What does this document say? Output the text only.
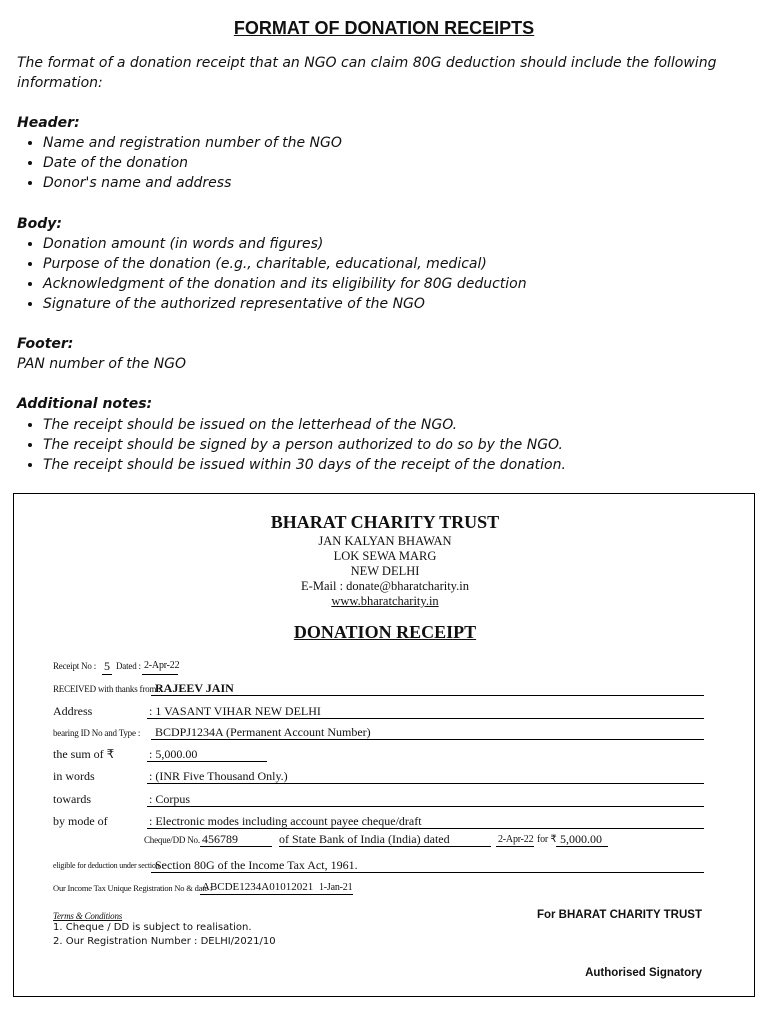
FORMAT OF DONATION RECEIPTS
The format of a donation receipt that an NGO can claim 80G deduction should include the following information:
Header:
• Name and registration number of the NGO
• Date of the donation
• Donor's name and address
Body:
• Donation amount (in words and figures)
• Purpose of the donation (e.g., charitable, educational, medical)
• Acknowledgment of the donation and its eligibility for 80G deduction
• Signature of the authorized representative of the NGO
Footer:
PAN number of the NGO
Additional notes:
• The receipt should be issued on the letterhead of the NGO.
• The receipt should be signed by a person authorized to do so by the NGO.
• The receipt should be issued within 30 days of the receipt of the donation.
BHARAT CHARITY TRUST
JAN KALYAN BHAWAN
LOK SEWA MARG
NEW DELHI
E-Mail : donate@bharatcharity.in
www.bharatcharity.in
DONATION RECEIPT
Receipt No : 5 Dated : 2-Apr-22
RECEIVED with thanks from :
RAJEEV JAIN
Address	: 1 VASANT VIHAR NEW DELHI
bearing ID No and Type : BCDPJ1234A (Permanent Account Number)
the sum of ₹	: 5,000.00
in words	: (INR Five Thousand Only.)
towards	: Corpus
by mode of	: Electronic modes including account payee cheque/draft
Cheque/DD No. 456789	of State Bank of India (India) dated	2-Apr-22 for ₹ 5,000.00
eligible for deduction under section :
Section 80G of the Income Tax Act, 1961.
Our Income Tax Unique Registration No & date :
ABCDE1234A01012021 1-Jan-21
Terms & Conditions
1. Cheque / DD is subject to realisation.
2. Our Registration Number : DELHI/2021/10
For BHARAT CHARITY TRUST
Authorised Signatory
